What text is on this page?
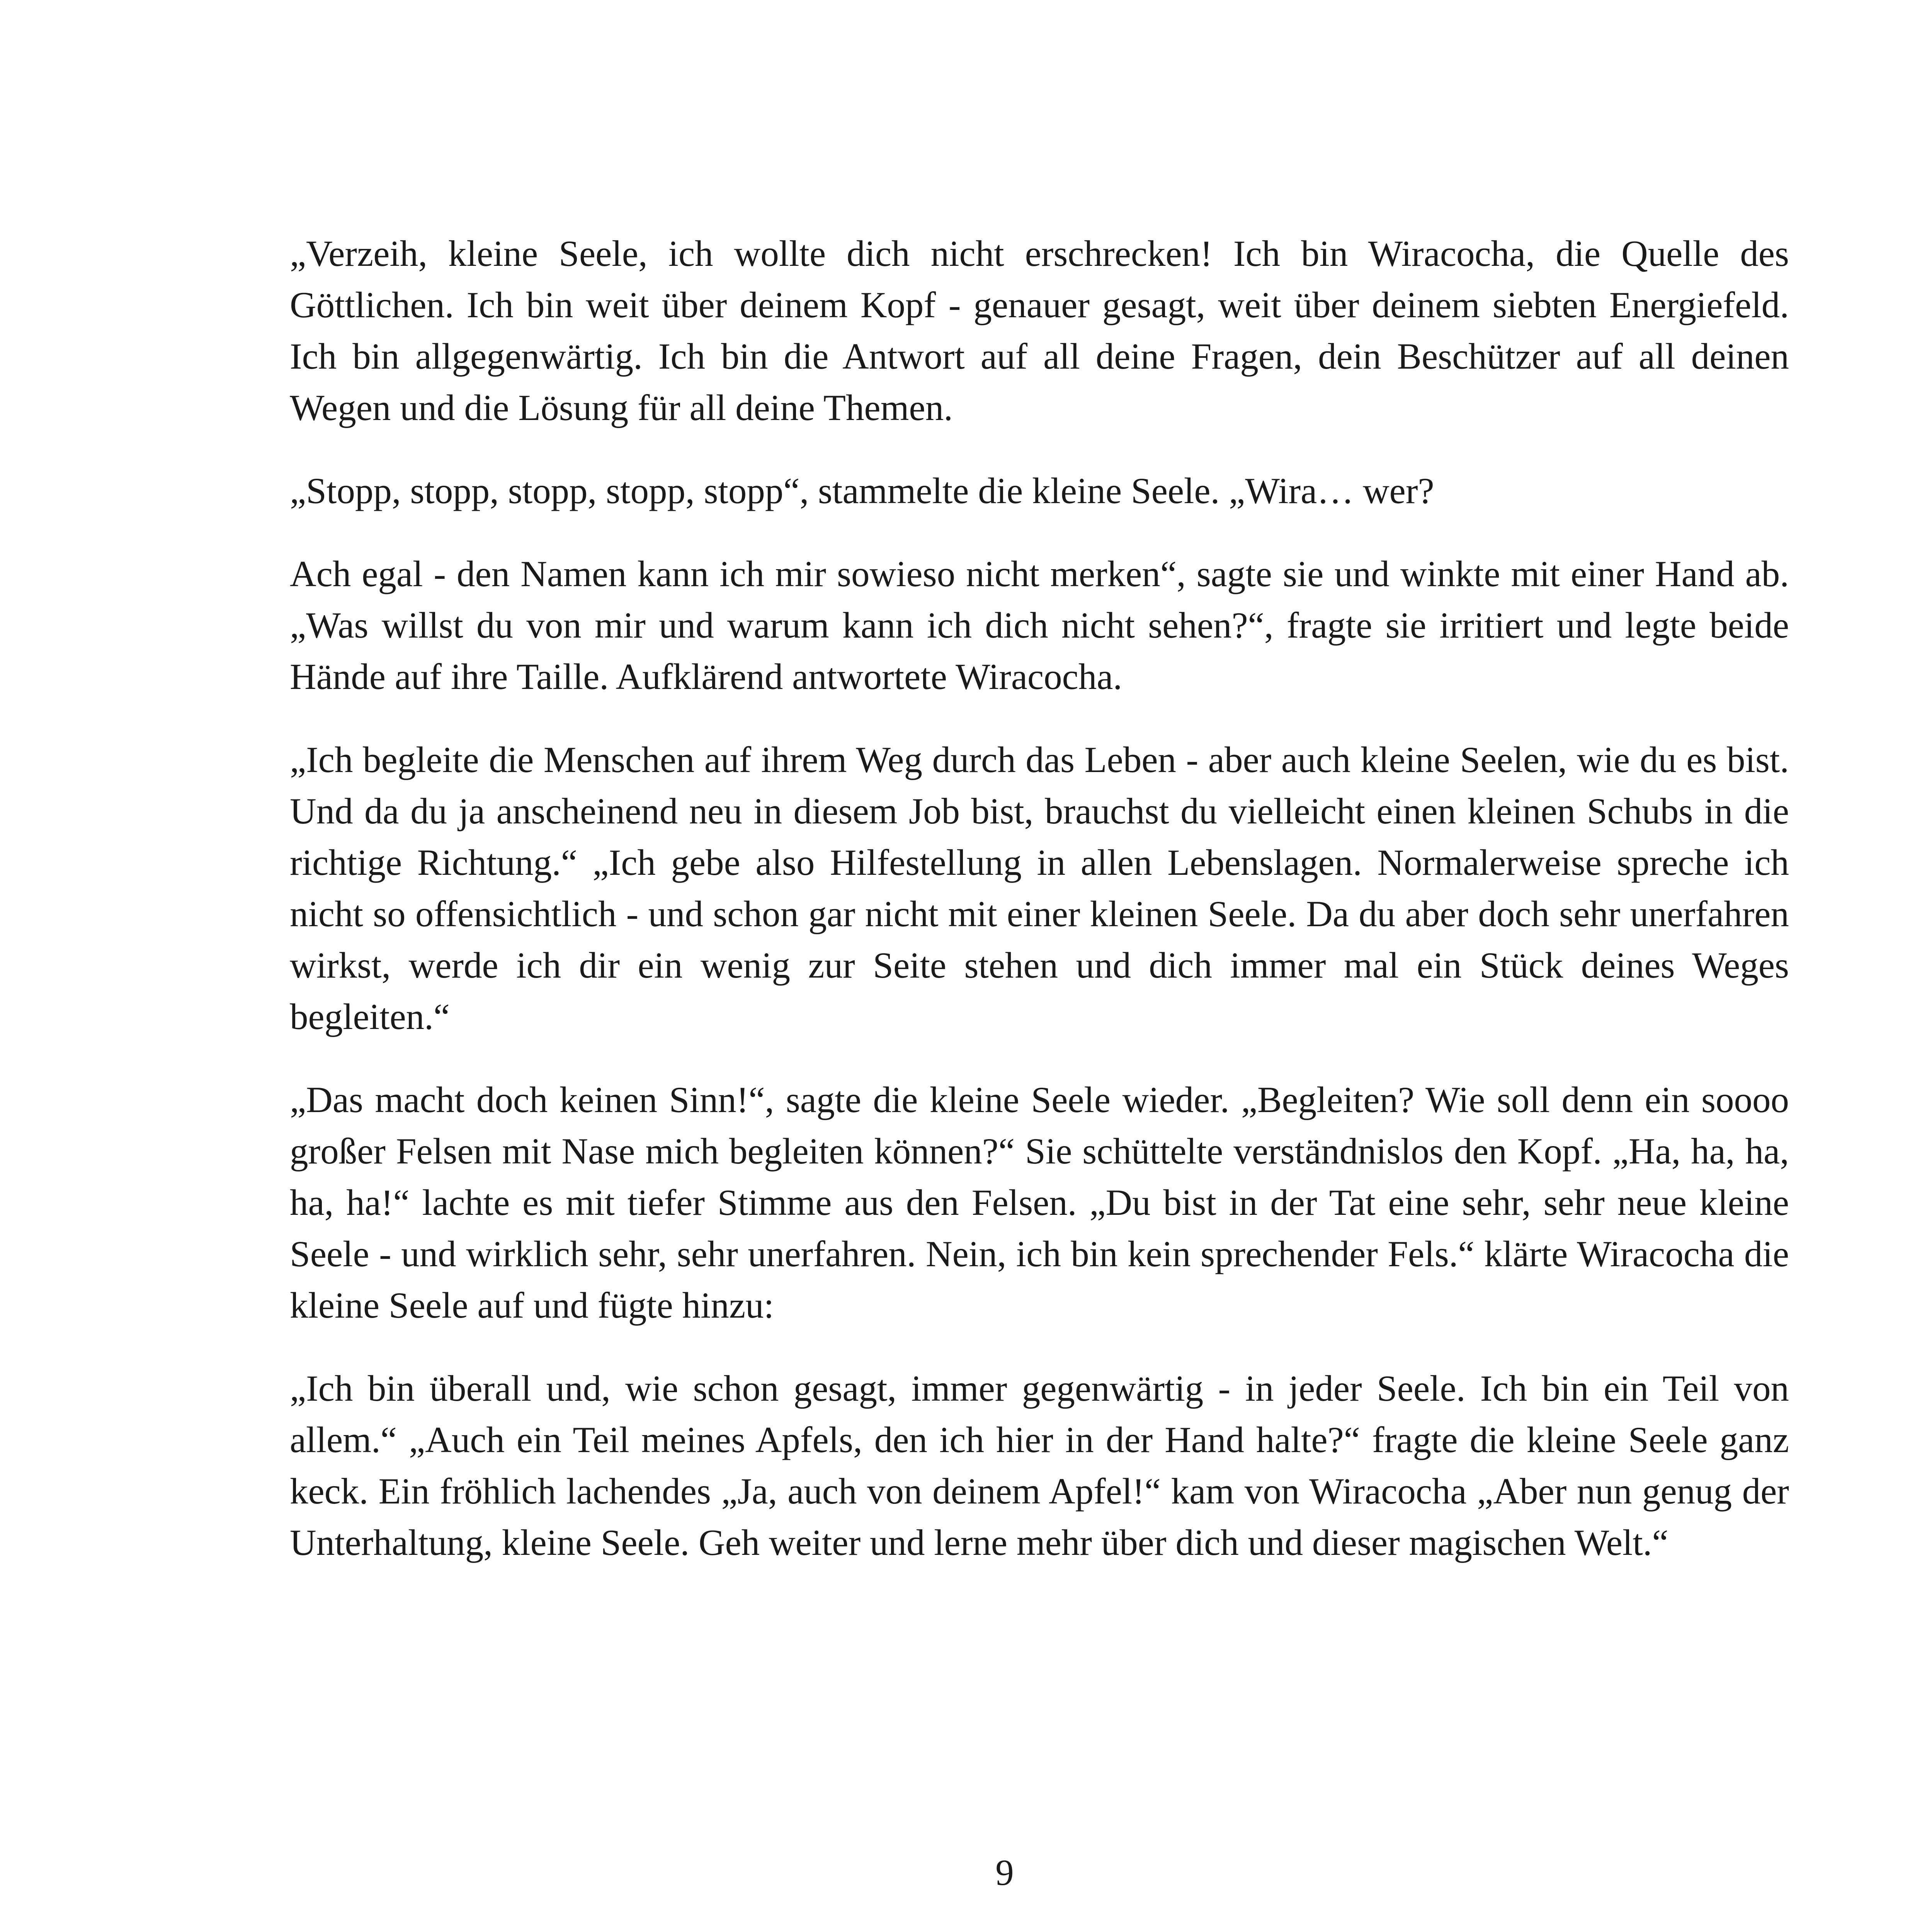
„Verzeih, kleine Seele, ich wollte dich nicht erschrecken! Ich bin Wiracocha, die Quelle des Göttlichen. Ich bin weit über deinem Kopf - genauer gesagt, weit über deinem siebten Energiefeld. Ich bin allgegenwärtig. Ich bin die Antwort auf all deine Fragen, dein Beschützer auf all deinen Wegen und die Lösung für all deine Themen.

„Stopp, stopp, stopp, stopp, stopp“, stammelte die kleine Seele. „Wira… wer?

Ach egal - den Namen kann ich mir sowieso nicht merken“, sagte sie und winkte mit einer Hand ab. „Was willst du von mir und warum kann ich dich nicht sehen?“, fragte sie irritiert und legte beide Hände auf ihre Taille. Aufklärend antwortete Wiracocha.

„Ich begleite die Menschen auf ihrem Weg durch das Leben - aber auch kleine Seelen, wie du es bist. Und da du ja anscheinend neu in diesem Job bist, brauchst du vielleicht einen kleinen Schubs in die richtige Richtung.“ „Ich gebe also Hilfestellung in allen Lebenslagen. Normalerweise spreche ich nicht so offensichtlich - und schon gar nicht mit einer kleinen Seele. Da du aber doch sehr unerfahren wirkst, werde ich dir ein wenig zur Seite stehen und dich immer mal ein Stück deines Weges begleiten.“

„Das macht doch keinen Sinn!“, sagte die kleine Seele wieder. „Begleiten? Wie soll denn ein soooo großer Felsen mit Nase mich begleiten können?“ Sie schüttelte verständnislos den Kopf. „Ha, ha, ha, ha, ha!“ lachte es mit tiefer Stimme aus den Felsen. „Du bist in der Tat eine sehr, sehr neue kleine Seele - und wirklich sehr, sehr unerfahren. Nein, ich bin kein sprechender Fels.“ klärte Wiracocha die kleine Seele auf und fügte hinzu:

„Ich bin überall und, wie schon gesagt, immer gegenwärtig - in jeder Seele. Ich bin ein Teil von allem.“ „Auch ein Teil meines Apfels, den ich hier in der Hand halte?“ fragte die kleine Seele ganz keck. Ein fröhlich lachendes „Ja, auch von deinem Apfel!“ kam von Wiracocha „Aber nun genug der Unterhaltung, kleine Seele. Geh weiter und lerne mehr über dich und dieser magischen Welt.“

9
